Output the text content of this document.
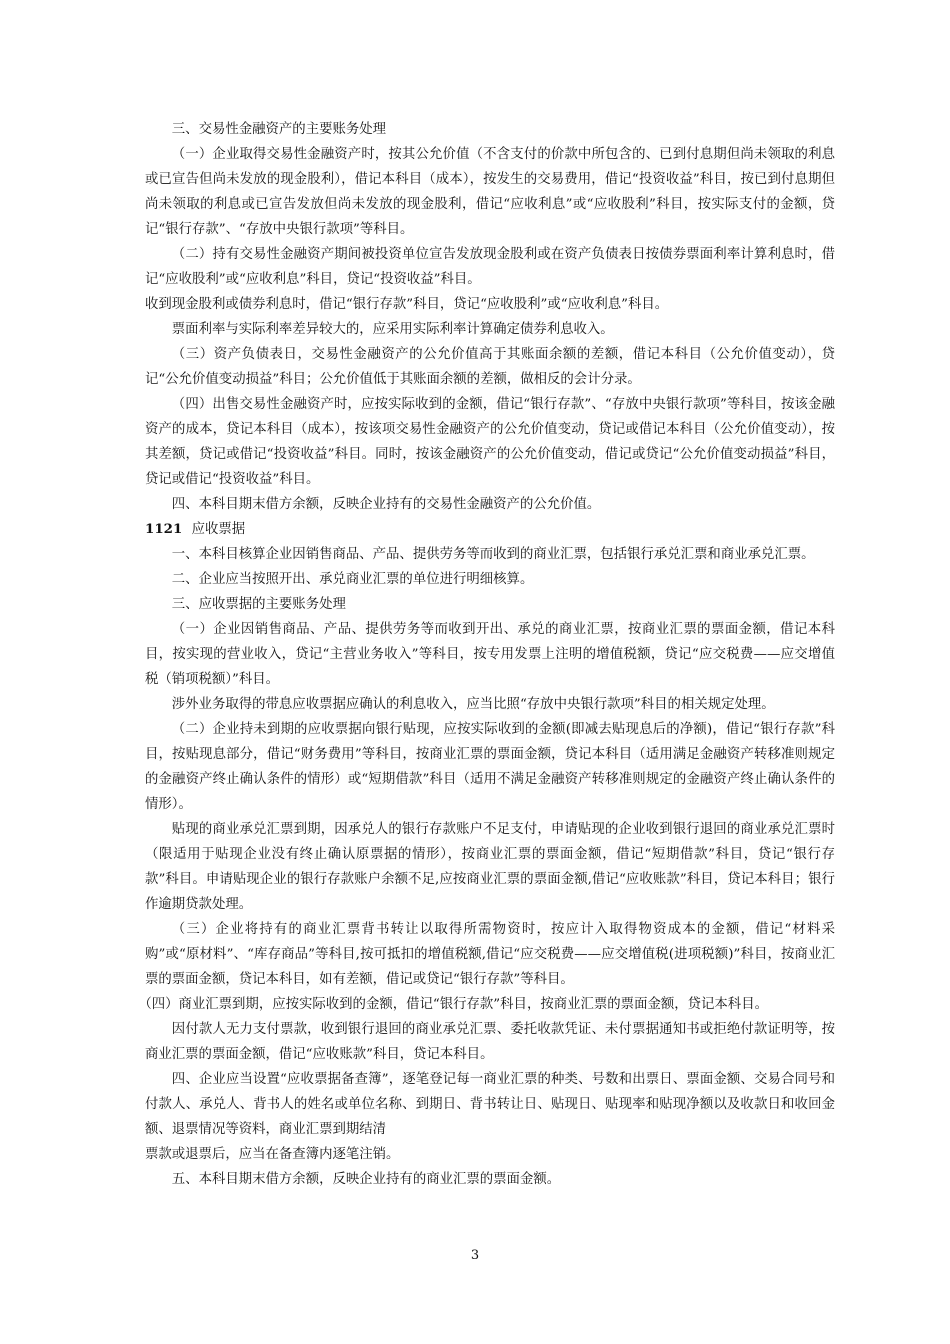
三、交易性金融资产的主要账务处理

（一）企业取得交易性金融资产时，按其公允价值（不含支付的价款中所包含的、已到付息期但尚未领取的利息或已宣告但尚未发放的现金股利），借记本科目（成本），按发生的交易费用，借记“投资收益”科目，按已到付息期但尚未领取的利息或已宣告发放但尚未发放的现金股利，借记“应收利息”或“应收股利”科目，按实际支付的金额，贷记“银行存款”、“存放中央银行款项”等科目。

（二）持有交易性金融资产期间被投资单位宣告发放现金股利或在资产负债表日按债券票面利率计算利息时，借记“应收股利”或“应收利息”科目，贷记“投资收益”科目。

收到现金股利或债券利息时，借记“银行存款”科目，贷记“应收股利”或“应收利息”科目。

票面利率与实际利率差异较大的，应采用实际利率计算确定债券利息收入。

（三）资产负债表日，交易性金融资产的公允价值高于其账面余额的差额，借记本科目（公允价值变动），贷记“公允价值变动损益”科目；公允价值低于其账面余额的差额，做相反的会计分录。

（四）出售交易性金融资产时，应按实际收到的金额，借记“银行存款”、“存放中央银行款项”等科目，按该金融资产的成本，贷记本科目（成本），按该项交易性金融资产的公允价值变动，贷记或借记本科目（公允价值变动），按其差额，贷记或借记“投资收益”科目。同时，按该金融资产的公允价值变动，借记或贷记“公允价值变动损益”科目，贷记或借记“投资收益”科目。

四、本科目期末借方余额，反映企业持有的交易性金融资产的公允价值。

1121 应收票据

一、本科目核算企业因销售商品、产品、提供劳务等而收到的商业汇票，包括银行承兑汇票和商业承兑汇票。

二、企业应当按照开出、承兑商业汇票的单位进行明细核算。

三、应收票据的主要账务处理

（一）企业因销售商品、产品、提供劳务等而收到开出、承兑的商业汇票，按商业汇票的票面金额，借记本科目，按实现的营业收入，贷记“主营业务收入”等科目，按专用发票上注明的增值税额，贷记“应交税费——应交增值税（销项税额）”科目。

涉外业务取得的带息应收票据应确认的利息收入，应当比照“存放中央银行款项”科目的相关规定处理。

（二）企业持未到期的应收票据向银行贴现，应按实际收到的金额(即减去贴现息后的净额)，借记“银行存款”科目，按贴现息部分，借记“财务费用”等科目，按商业汇票的票面金额，贷记本科目（适用满足金融资产转移准则规定的金融资产终止确认条件的情形）或“短期借款”科目（适用不满足金融资产转移准则规定的金融资产终止确认条件的情形）。

贴现的商业承兑汇票到期，因承兑人的银行存款账户不足支付，申请贴现的企业收到银行退回的商业承兑汇票时（限适用于贴现企业没有终止确认原票据的情形），按商业汇票的票面金额，借记“短期借款”科目，贷记“银行存款”科目。申请贴现企业的银行存款账户余额不足,应按商业汇票的票面金额,借记“应收账款”科目，贷记本科目；银行作逾期贷款处理。

（三）企业将持有的商业汇票背书转让以取得所需物资时，按应计入取得物资成本的金额，借记“材料采购”或“原材料”、“库存商品”等科目,按可抵扣的增值税额,借记“应交税费——应交增值税(进项税额)”科目，按商业汇票的票面金额，贷记本科目，如有差额，借记或贷记“银行存款”等科目。

（四）商业汇票到期，应按实际收到的金额，借记“银行存款”科目，按商业汇票的票面金额，贷记本科目。

因付款人无力支付票款，收到银行退回的商业承兑汇票、委托收款凭证、未付票据通知书或拒绝付款证明等，按商业汇票的票面金额，借记“应收账款”科目，贷记本科目。

四、企业应当设置“应收票据备查簿”，逐笔登记每一商业汇票的种类、号数和出票日、票面金额、交易合同号和付款人、承兑人、背书人的姓名或单位名称、到期日、背书转让日、贴现日、贴现率和贴现净额以及收款日和收回金额、退票情况等资料，商业汇票到期结清

票款或退票后，应当在备查簿内逐笔注销。

五、本科目期末借方余额，反映企业持有的商业汇票的票面金额。

3
